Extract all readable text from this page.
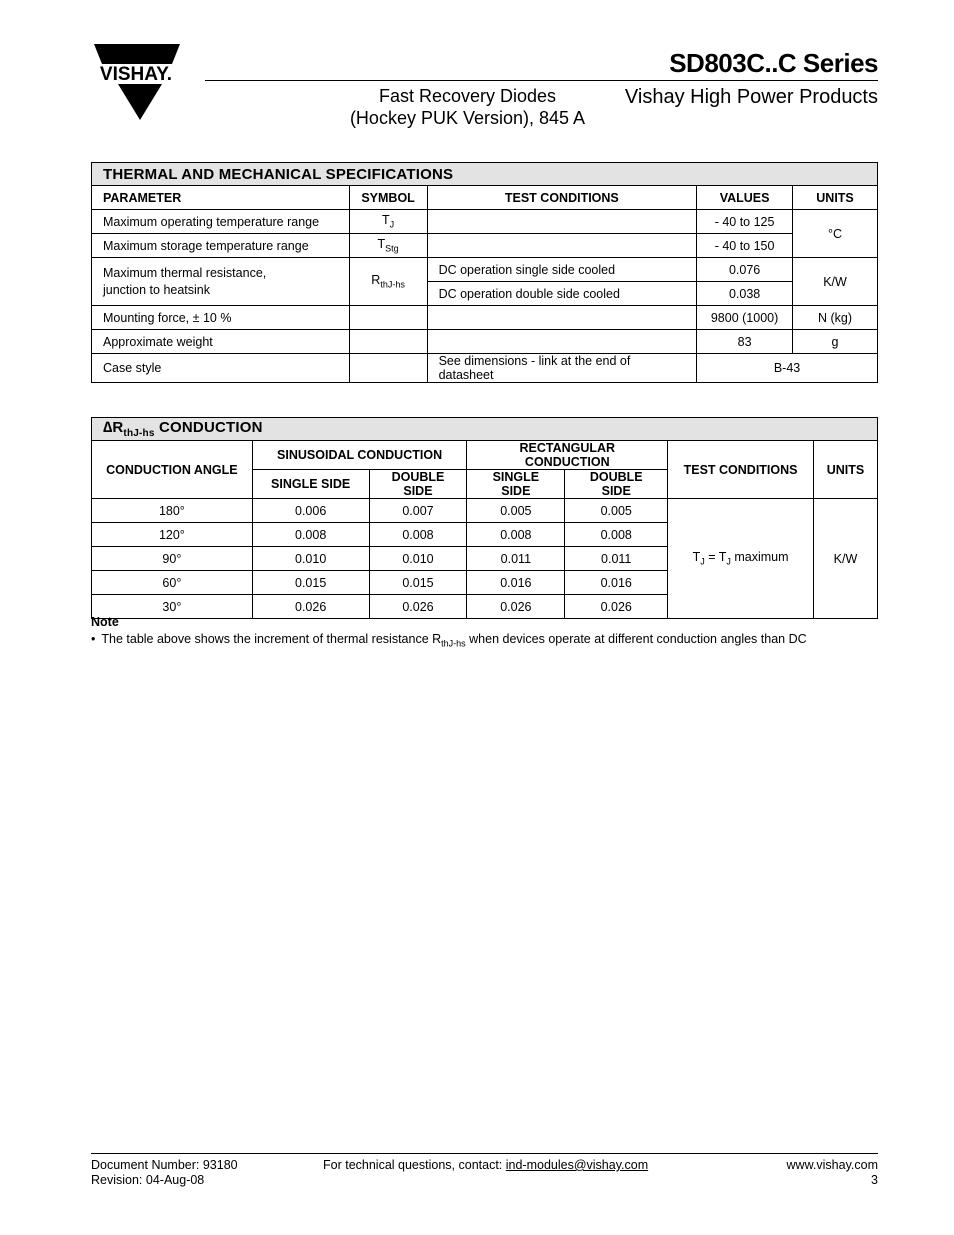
VISHAY.	SD803C..C Series
Fast Recovery Diodes
(Hockey PUK Version), 845 A
Vishay High Power Products
THERMAL AND MECHANICAL SPECIFICATIONS				
PARAMETER	SYMBOL	TEST CONDITIONS	VALUES	UNITS
Maximum operating temperature range	$T_J$		- 40 to 125	°C
Maximum storage temperature range	$T_{Stg}$		- 40 to 150	

Maximum thermal resistance,
junction to heatsink	$R_{thJ-hs}$	DC operation single side cooled	0.076	K/W
		DC operation double side cooled	0.038	
Mounting force, ± 10 %			9800 (1000)	N (kg)
Approximate weight			83	g
Case style		See dimensions - link at the end of datasheet	B-43	
$\Delta R_{thJ-hs}$ CONDUCTION						
CONDUCTION ANGLE	SINUSOIDAL CONDUCTION		RECTANGULAR CONDUCTION		TEST CONDITIONS	UNITS
	SINGLE SIDE	DOUBLE SIDE	SINGLE SIDE	DOUBLE SIDE		
180°	0.006	0.007	0.005	0.005	$T_J = T_J$ maximum	K/W
120°	0.008	0.008	0.008	0.008		
90°	0.010	0.010	0.011	0.011		
60°	0.015	0.015	0.016	0.016		
30°	0.026	0.026	0.026	0.026		
Note
• The table above shows the increment of thermal resistance $R_{thJ-hs}$ when devices operate at different conduction angles than DC
Document Number: 93180
Revision: 04-Aug-08
For technical questions, contact: ind-modules@vishay.com	www.vishay.com
3
